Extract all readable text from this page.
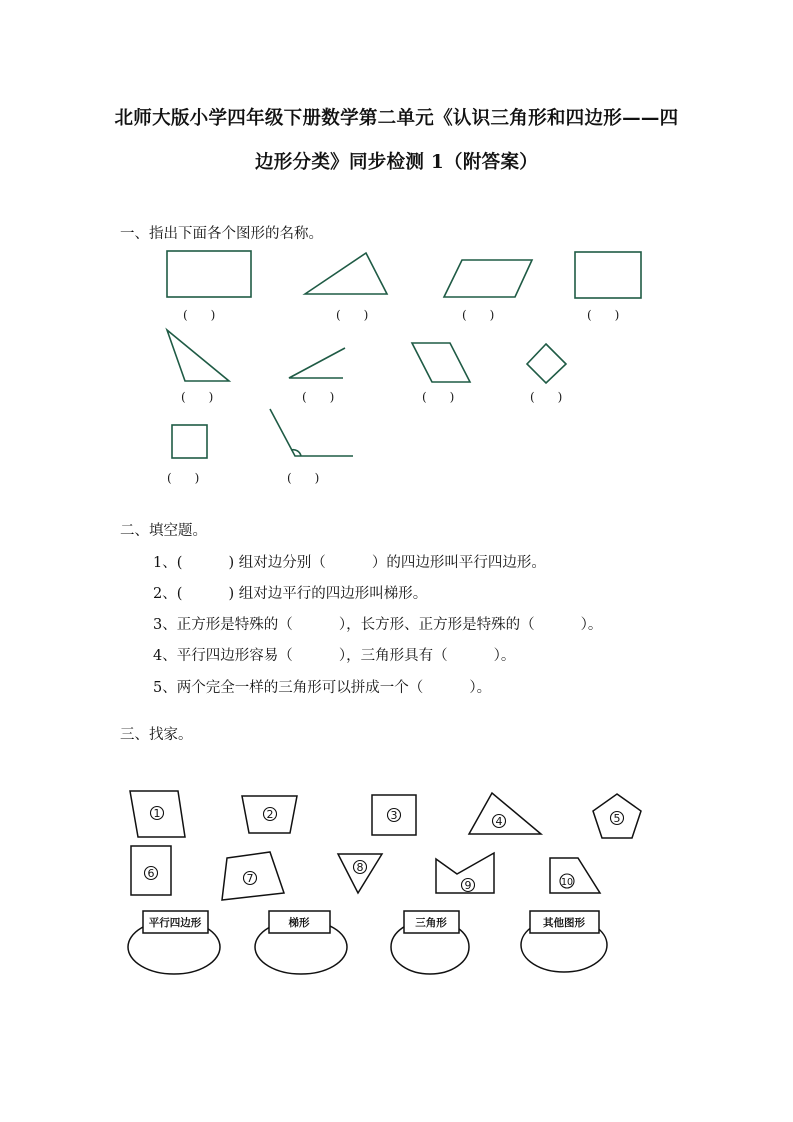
北师大版小学四年级下册数学第二单元《认识三角形和四边形——四
边形分类》同步检测 1（附答案）
一、指出下面各个图形的名称。
(      )	(      )	(      )	(      )
(      )	(      )	(      )	(      )
(      )	(      )
二、填空题。
1、(          ) 组对边分别（          ）的四边形叫平行四边形。
2、(          ) 组对边平行的四边形叫梯形。
3、正方形是特殊的（          ），长方形、正方形是特殊的（          ）。
4、平行四边形容易（          ），三角形具有（          ）。
5、两个完全一样的三角形可以拼成一个（          ）。
三、找家。
1	2	3	4	5
6	7
8
9	10
平行四边形	梯形	三角形	其他图形
